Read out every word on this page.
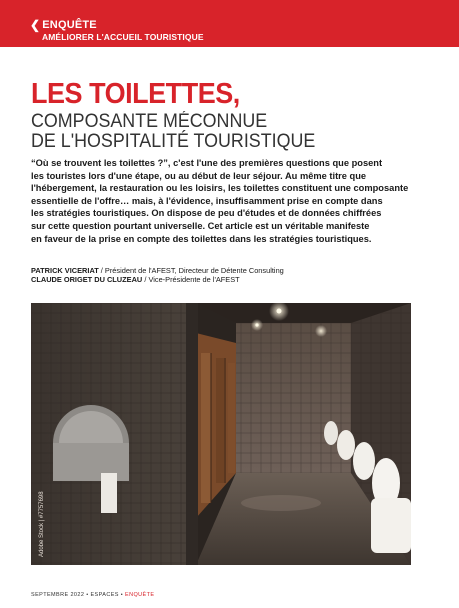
❮ ENQUÊTE
AMÉLIORER L'ACCUEIL TOURISTIQUE
LES TOILETTES,
COMPOSANTE MÉCONNUE
DE L'HOSPITALITÉ TOURISTIQUE

“Où se trouvent les toilettes ?”, c'est l'une des premières questions que posent
les touristes lors d'une étape, ou au début de leur séjour. Au même titre que
l'hébergement, la restauration ou les loisirs, les toilettes constituent une composante
essentielle de l'offre… mais, à l'évidence, insuffisamment prise en compte dans
les stratégies touristiques. On dispose de peu d'études et de données chiffrées
sur cette question pourtant universelle. Cet article est un véritable manifeste
en faveur de la prise en compte des toilettes dans les stratégies touristiques.

PATRICK VICERIAT / Président de l'AFEST, Directeur de Détente Consulting
CLAUDE ORIGET DU CLUZEAU / Vice-Présidente de l'AFEST
Adobe Stock | #7757698
SEPTEMBRE 2022 • ESPACES • ENQUÊTE
